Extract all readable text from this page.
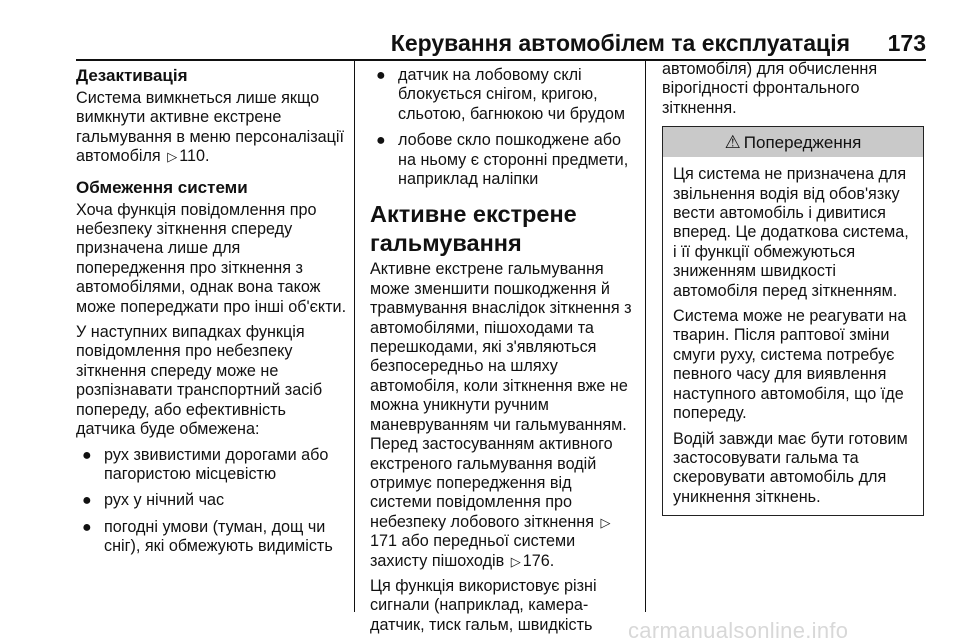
Керування автомобілем та експлуатація 173
Дезактивація

Система вимкнеться лише якщо вимкнути активне екстрене гальмування в меню персоналізації автомобіля ▷ 110.

Обмеження системи

Хоча функція повідомлення про небезпеку зіткнення спереду призначена лише для попередження про зіткнення з автомобілями, однак вона також може попереджати про інші об'єкти.

У наступних випадках функція повідомлення про небезпеку зіткнення спереду може не розпізнавати транспортний засіб попереду, або ефективність датчика буде обмежена:

● рух звивистими дорогами або пагористою місцевістю
● рух у нічний час
● погодні умови (туман, дощ чи сніг), які обмежують видимість
● датчик на лобовому склі блокується снігом, кригою, сльотою, багнюкою чи брудом
● лобове скло пошкоджене або на ньому є сторонні предмети, наприклад наліпки
Активне екстрене гальмування

Активне екстрене гальмування може зменшити пошкодження й травмування внаслідок зіткнення з автомобілями, пішоходами та перешкодами, які з'являються безпосередньо на шляху автомобіля, коли зіткнення вже не можна уникнути ручним маневруванням чи гальмуванням. Перед застосуванням активного екстреного гальмування водій отримує попередження від системи повідомлення про небезпеку лобового зіткнення ▷171 або передньої системи захисту пішоходів ▷ 176.

Ця функція використовує різні сигнали (наприклад, камера-датчик, тиск гальм, швидкість

автомобіля) для обчислення вірогідності фронтального зіткнення.

⚠ Попередження

Ця система не призначена для звільнення водія від обов'язку вести автомобіль і дивитися вперед. Це додаткова система, і її функції обмежуються зниженням швидкості автомобіля перед зіткненням.

Система може не реагувати на тварин. Після раптової зміни смуги руху, система потребує певного часу для виявлення наступного автомобіля, що їде попереду.

Водій завжди має бути готовим застосовувати гальма та скеровувати автомобіль для уникнення зіткнень.

carmanualsonline.info
